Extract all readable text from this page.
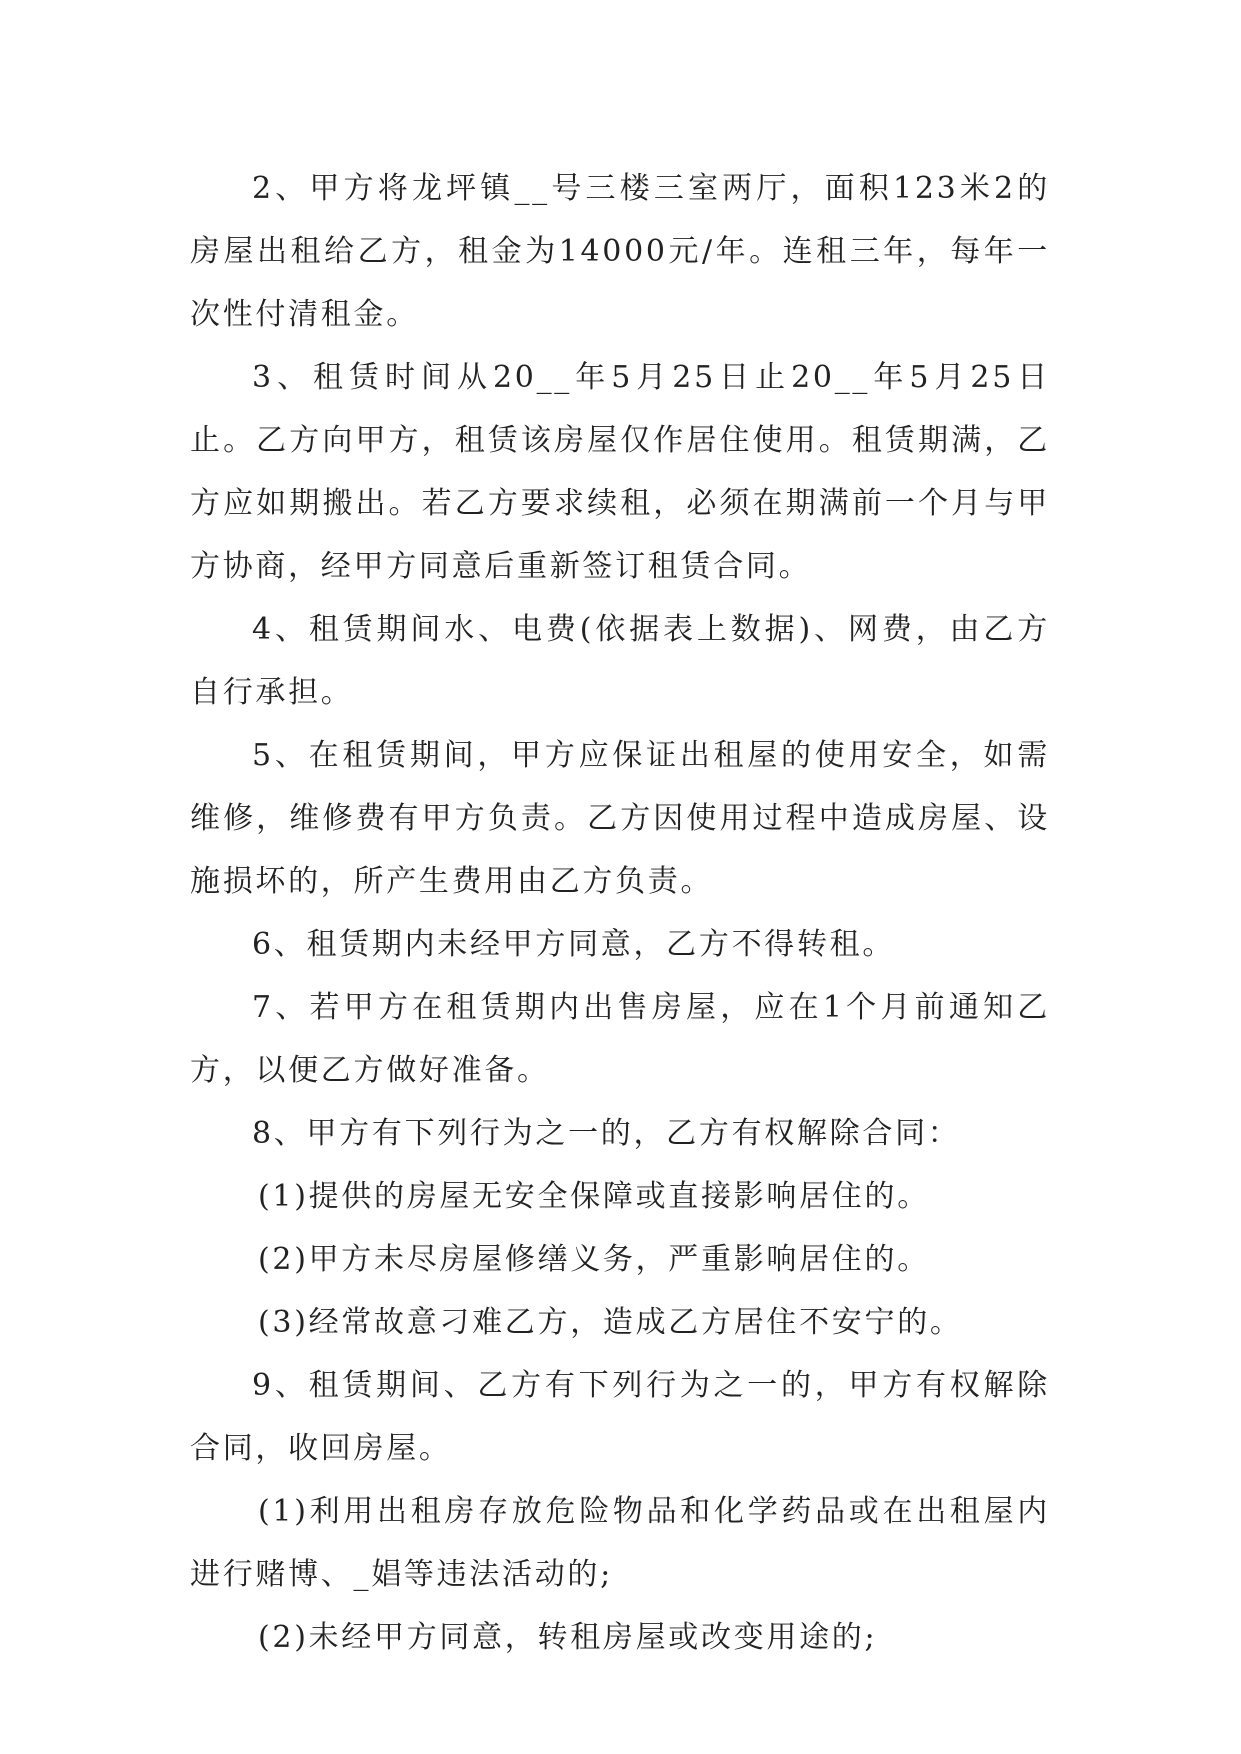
2、甲方将龙坪镇__号三楼三室两厅，面积123米2的房屋出租给乙方，租金为14000元/年。连租三年，每年一次性付清租金。

3、租赁时间从20__年5月25日止20__年5月25日止。乙方向甲方，租赁该房屋仅作居住使用。租赁期满，乙方应如期搬出。若乙方要求续租，必须在期满前一个月与甲方协商，经甲方同意后重新签订租赁合同。

4、租赁期间水、电费(依据表上数据)、网费，由乙方自行承担。

5、在租赁期间，甲方应保证出租屋的使用安全，如需维修，维修费有甲方负责。乙方因使用过程中造成房屋、设施损坏的，所产生费用由乙方负责。

6、租赁期内未经甲方同意，乙方不得转租。

7、若甲方在租赁期内出售房屋，应在1个月前通知乙方，以便乙方做好准备。

8、甲方有下列行为之一的，乙方有权解除合同：

(1)提供的房屋无安全保障或直接影响居住的。

(2)甲方未尽房屋修缮义务，严重影响居住的。

(3)经常故意刁难乙方，造成乙方居住不安宁的。

9、租赁期间、乙方有下列行为之一的，甲方有权解除合同，收回房屋。

(1)利用出租房存放危险物品和化学药品或在出租屋内进行赌博、_娼等违法活动的;

(2)未经甲方同意，转租房屋或改变用途的;
